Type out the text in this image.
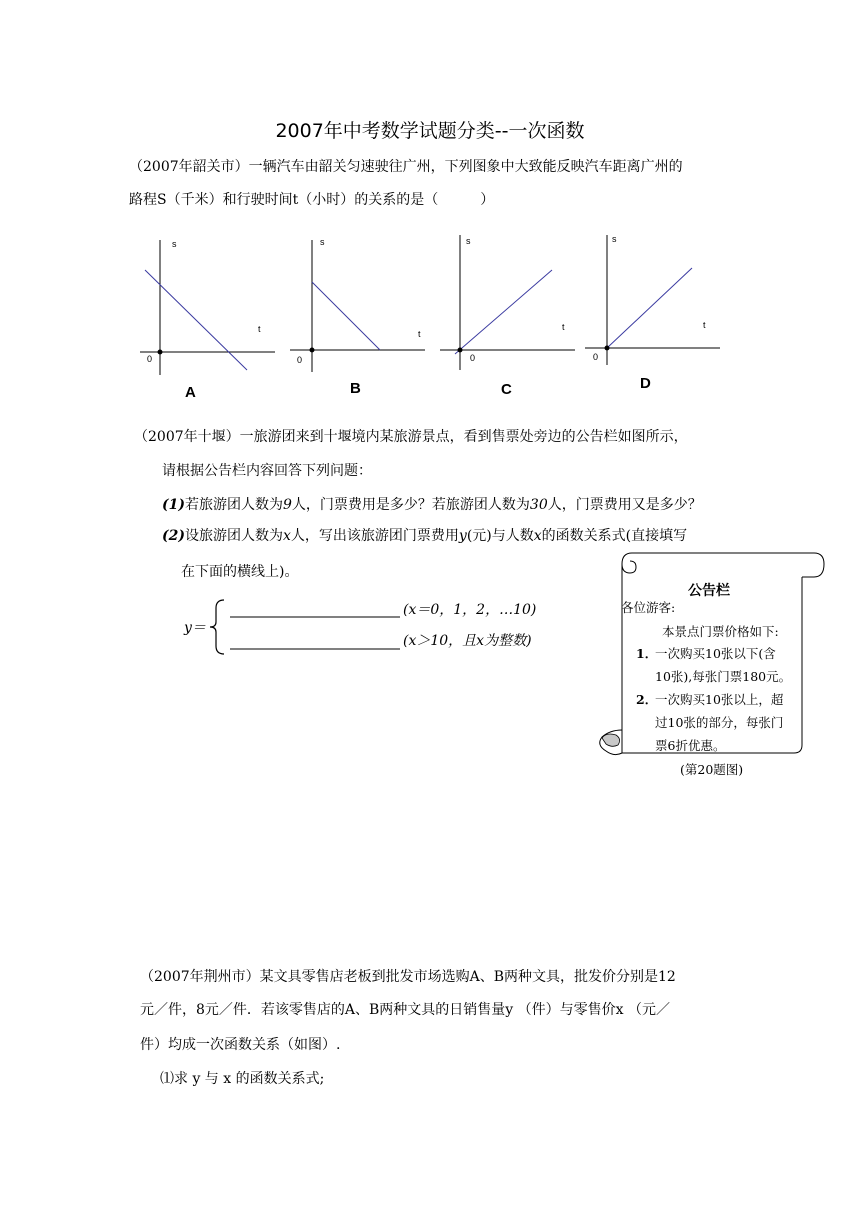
2007年中考数学试题分类--一次函数
（2007年韶关市）一辆汽车由韶关匀速驶往广州，下列图象中大致能反映汽车距离广州的
路程S（千米）和行驶时间t（小时）的关系的是（　　　）
s
t
0
A
s
t
0
B
s
t
0
C
s
t
0
D
（2007年十堰）一旅游团来到十堰境内某旅游景点，看到售票处旁边的公告栏如图所示，
请根据公告栏内容回答下列问题：
(1)若旅游团人数为9人，门票费用是多少？若旅游团人数为30人，门票费用又是多少？
(2)设旅游团人数为x人，写出该旅游团门票费用y(元)与人数x的函数关系式(直接填写
在下面的横线上)。
y＝
(x＝0，1，2，…10)
(x＞10，且x为整数)
公告栏
各位游客:
本景点门票价格如下:
1．
一次购买10张以下(含
10张),每张门票180元。
2．
一次购买10张以上，超
过10张的部分，每张门
票6折优惠。
(第20题图)
（2007年荆州市）某文具零售店老板到批发市场选购A、B两种文具，批发价分别是12
元／件，8元／件．若该零售店的A、B两种文具的日销售量y （件）与零售价x （元／
件）均成一次函数关系（如图）.
⑴求 y 与 x 的函数关系式;
